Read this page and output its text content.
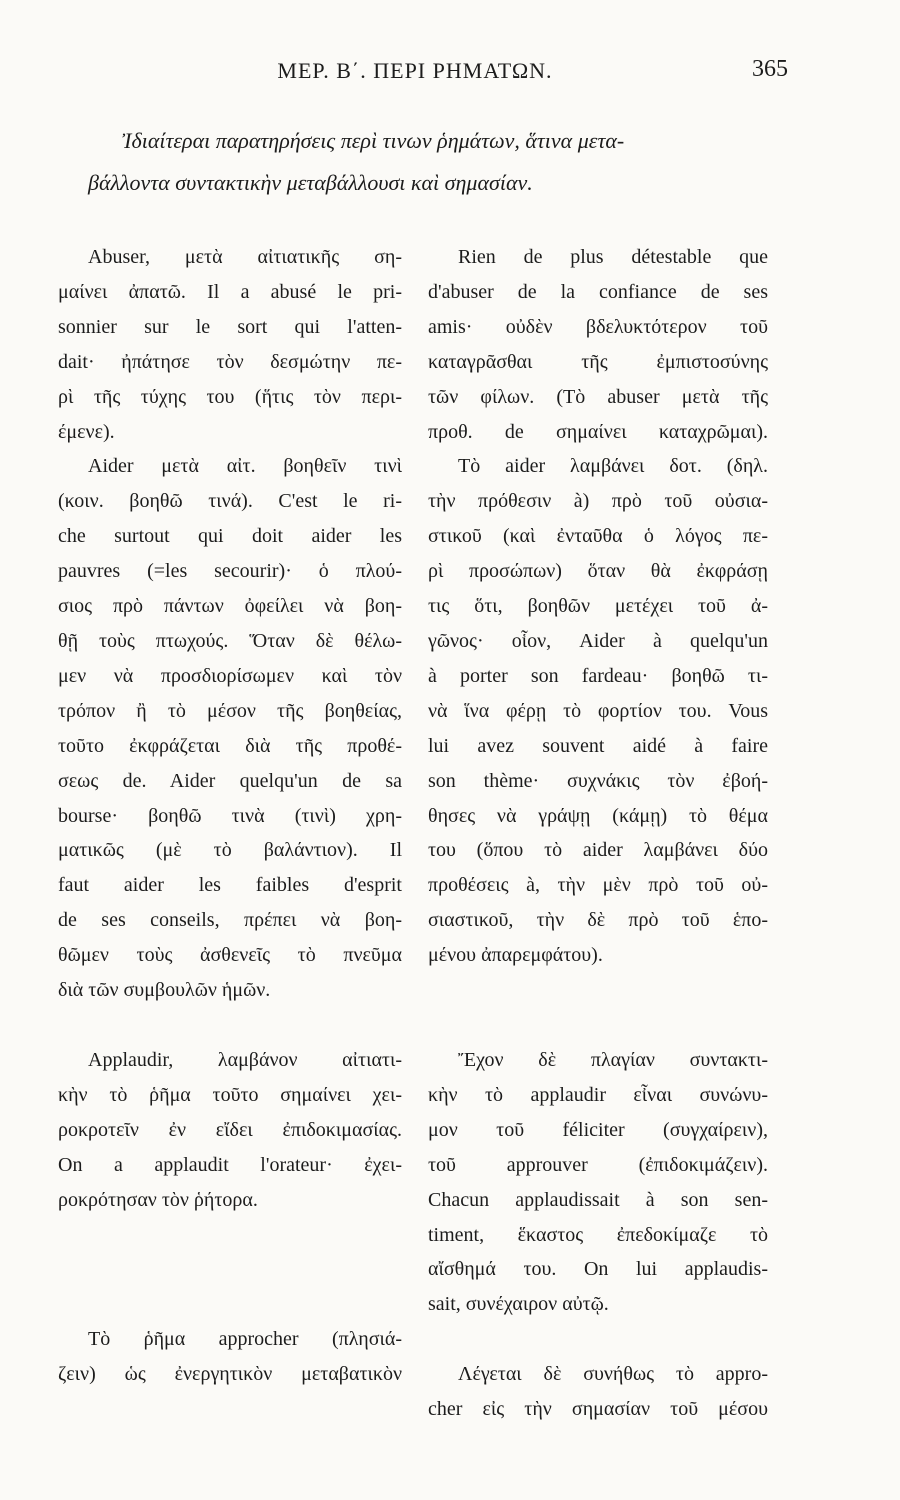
ΜΕΡ. Β΄. ΠΕΡΙ ΡΗΜΑΤΩΝ.	365
Ἰδιαίτεραι παρατηρήσεις περὶ τινων ῥημάτων, ἅτινα μετα-
βάλλοντα συντακτικὴν μεταβάλλουσι καὶ σημασίαν.
Abuser, μετὰ αἰτιατικῆς ση-
μαίνει ἀπατῶ. Il a abusé le pri-
sonnier sur le sort qui l'atten-
dait· ἠπάτησε τὸν δεσμώτην πε-
ρὶ τῆς τύχης του (ἥτις τὸν περι-
έμενε).
Aider μετὰ αἰτ. βοηθεῖν τινὶ
(κοιν. βοηθῶ τινά). C'est le ri-
che surtout qui doit aider les
pauvres (=les secourir)· ὁ πλού-
σιος πρὸ πάντων ὀφείλει νὰ βοη-
θῇ τοὺς πτωχούς. Ὅταν δὲ θέλω-
μεν νὰ προσδιορίσωμεν καὶ τὸν
τρόπον ἢ τὸ μέσον τῆς βοηθείας,
τοῦτο ἐκφράζεται διὰ τῆς προθέ-
σεως de. Aider quelqu'un de sa
bourse· βοηθῶ τινὰ (τινὶ) χρη-
ματικῶς (μὲ τὸ βαλάντιον). Il
faut aider les faibles d'esprit
de ses conseils, πρέπει νὰ βοη-
θῶμεν τοὺς ἀσθενεῖς τὸ πνεῦμα
διὰ τῶν συμβουλῶν ἡμῶν.
Applaudir, λαμβάνον αἰτιατι-
κὴν τὸ ῥῆμα τοῦτο σημαίνει χει-
ροκροτεῖν ἐν εἴδει ἐπιδοκιμασίας.
On a applaudit l'orateur· ἐχει-
ροκρότησαν τὸν ῥήτορα.
Τὸ ῥῆμα approcher (πλησιά-
ζειν) ὡς ἐνεργητικὸν μεταβατικὸν
Rien de plus détestable que
d'abuser de la confiance de ses
amis· οὐδὲν βδελυκτότερον τοῦ
καταγρᾶσθαι τῆς ἐμπιστοσύνης
τῶν φίλων. (Τὸ abuser μετὰ τῆς
προθ. de σημαίνει καταχρῶμαι).
Τὸ aider λαμβάνει δοτ. (δηλ.
τὴν πρόθεσιν à) πρὸ τοῦ οὐσια-
στικοῦ (καὶ ἐνταῦθα ὁ λόγος πε-
ρὶ προσώπων) ὅταν θὰ ἐκφράσῃ
τις ὅτι, βοηθῶν μετέχει τοῦ ἀ-
γῶνος· οἷον, Aider à quelqu'un
à porter son fardeau· βοηθῶ τι-
νὰ ἵνα φέρῃ τὸ φορτίον του. Vous
lui avez souvent aidé à faire
son thème· συχνάκις τὸν ἐβοή-
θησες νὰ γράψῃ (κάμῃ) τὸ θέμα
του (ὅπου τὸ aider λαμβάνει δύο
προθέσεις à, τὴν μὲν πρὸ τοῦ οὐ-
σιαστικοῦ, τὴν δὲ πρὸ τοῦ ἑπο-
μένου ἀπαρεμφάτου).
Ἔχον δὲ πλαγίαν συντακτι-
κὴν τὸ applaudir εἶναι συνώνυ-
μον τοῦ féliciter (συγχαίρειν),
τοῦ approuver (ἐπιδοκιμάζειν).
Chacun applaudissait à son sen-
timent, ἕκαστος ἐπεδοκίμαζε τὸ
αἴσθημά του. On lui applaudis-
sait, συνέχαιρον αὐτῷ.
Λέγεται δὲ συνήθως τὸ appro-
cher εἰς τὴν σημασίαν τοῦ μέσου
